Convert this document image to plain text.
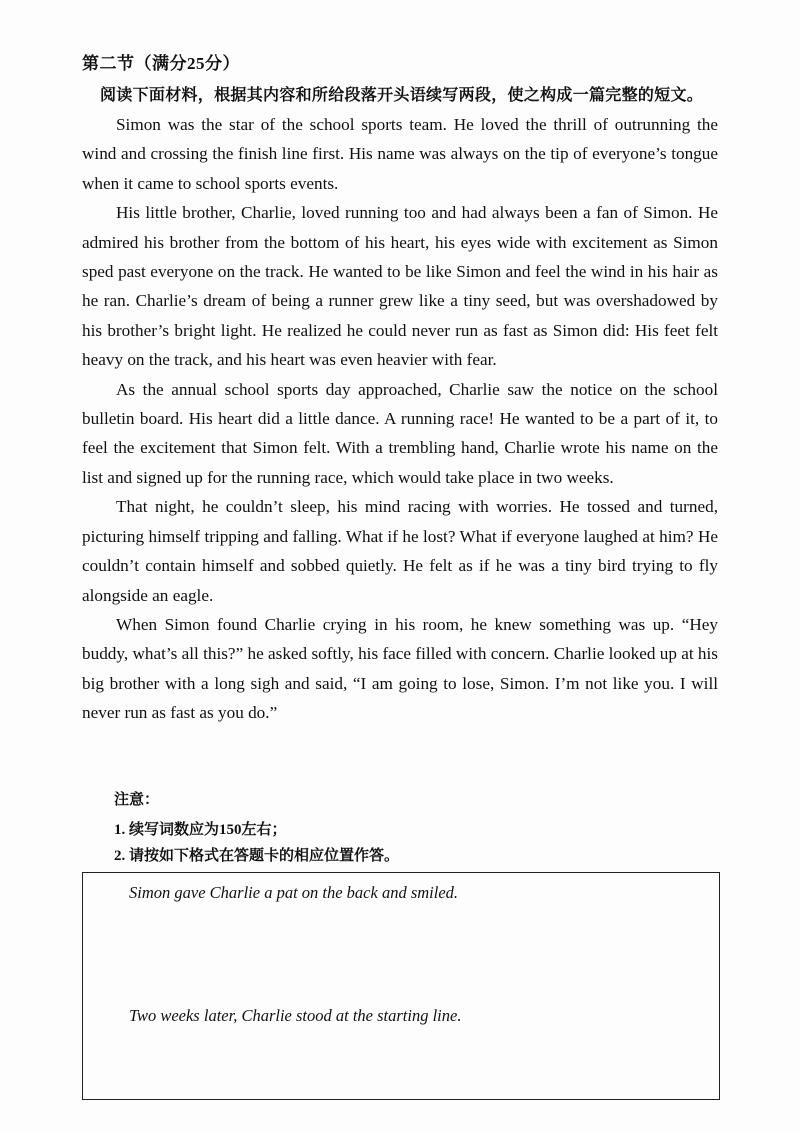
第二节（满分25分）
阅读下面材料，根据其内容和所给段落开头语续写两段，使之构成一篇完整的短文。

Simon was the star of the school sports team. He loved the thrill of outrunning the wind and crossing the finish line first. His name was always on the tip of everyone’s tongue when it came to school sports events.

His little brother, Charlie, loved running too and had always been a fan of Simon. He admired his brother from the bottom of his heart, his eyes wide with excitement as Simon sped past everyone on the track. He wanted to be like Simon and feel the wind in his hair as he ran. Charlie’s dream of being a runner grew like a tiny seed, but was overshadowed by his brother’s bright light. He realized he could never run as fast as Simon did: His feet felt heavy on the track, and his heart was even heavier with fear.

As the annual school sports day approached, Charlie saw the notice on the school bulletin board. His heart did a little dance. A running race! He wanted to be a part of it, to feel the excitement that Simon felt. With a trembling hand, Charlie wrote his name on the list and signed up for the running race, which would take place in two weeks.

That night, he couldn’t sleep, his mind racing with worries. He tossed and turned, picturing himself tripping and falling. What if he lost? What if everyone laughed at him? He couldn’t contain himself and sobbed quietly. He felt as if he was a tiny bird trying to fly alongside an eagle.

When Simon found Charlie crying in his room, he knew something was up. “Hey buddy, what’s all this?” he asked softly, his face filled with concern. Charlie looked up at his big brother with a long sigh and said, “I am going to lose, Simon. I’m not like you. I will never run as fast as you do.”

注意：
1. 续写词数应为150左右；
2. 请按如下格式在答题卡的相应位置作答。
Simon gave Charlie a pat on the back and smiled.
Two weeks later, Charlie stood at the starting line.
